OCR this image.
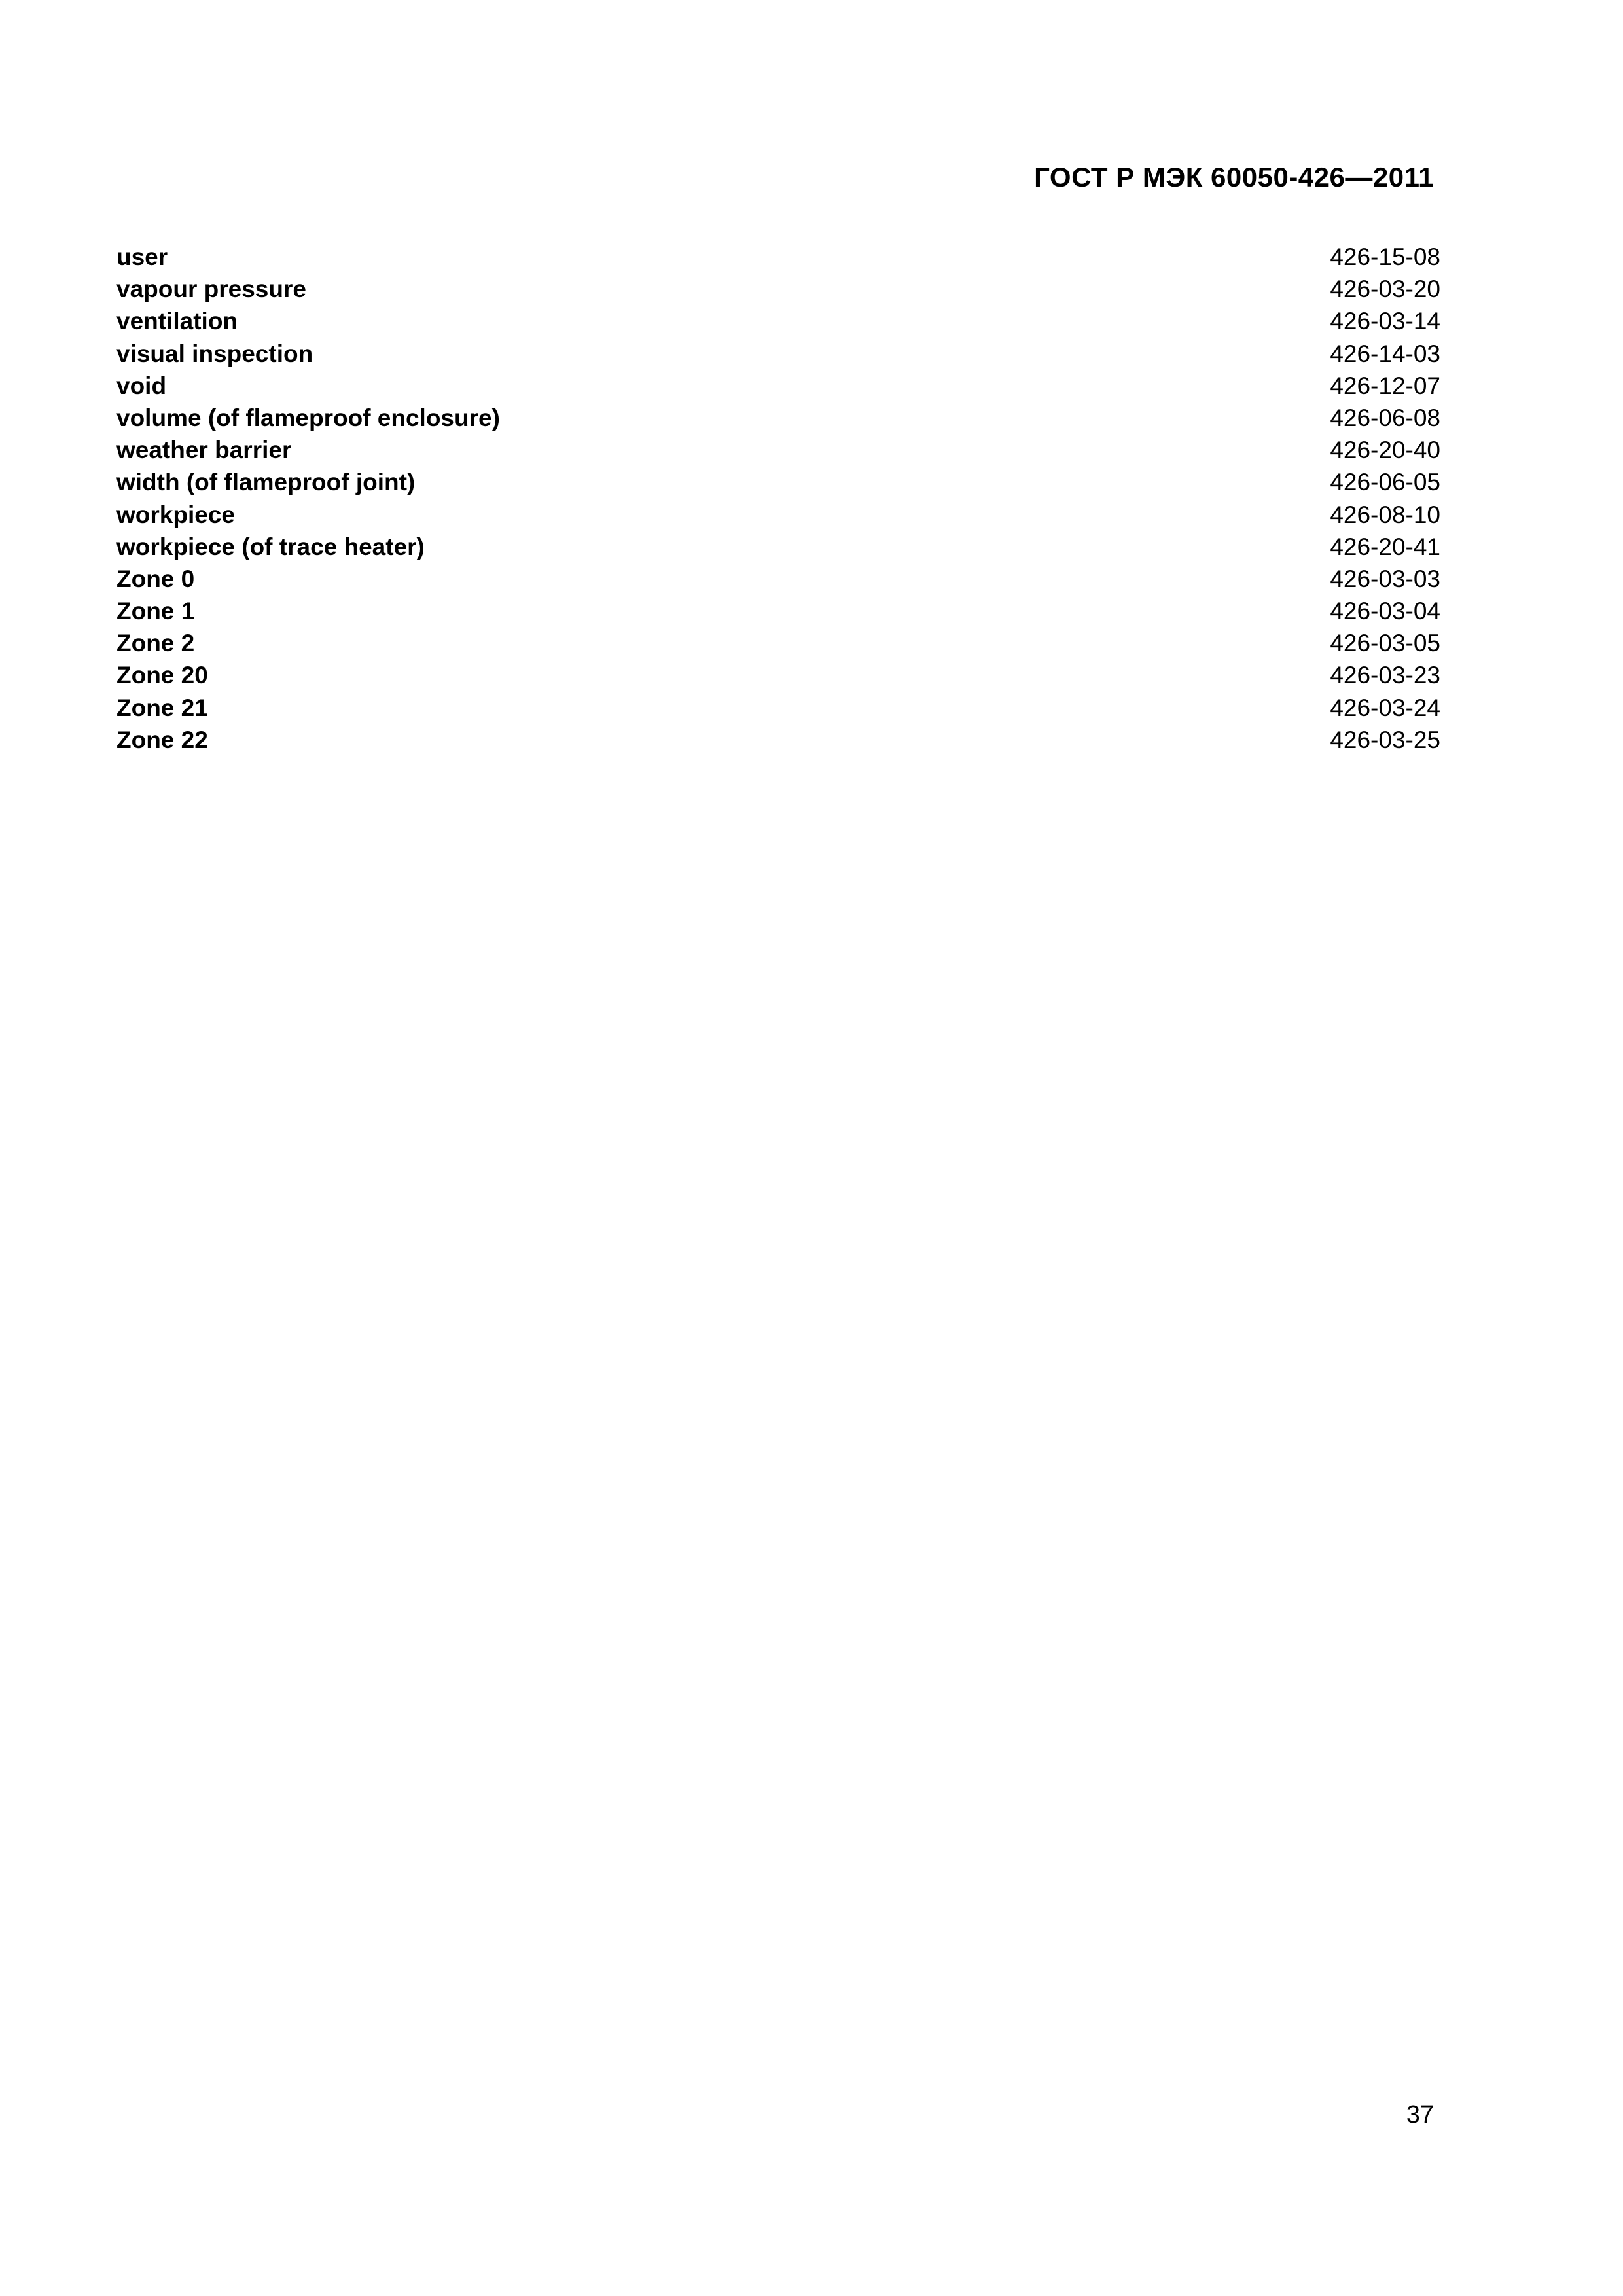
ГОСТ Р МЭК 60050-426—2011
user	426-15-08
vapour pressure	426-03-20
ventilation	426-03-14
visual inspection	426-14-03
void	426-12-07
volume (of flameproof enclosure)	426-06-08
weather barrier	426-20-40
width (of flameproof joint)	426-06-05
workpiece	426-08-10
workpiece (of trace heater)	426-20-41
Zone 0	426-03-03
Zone 1	426-03-04
Zone 2	426-03-05
Zone 20	426-03-23
Zone 21	426-03-24
Zone 22	426-03-25
37
